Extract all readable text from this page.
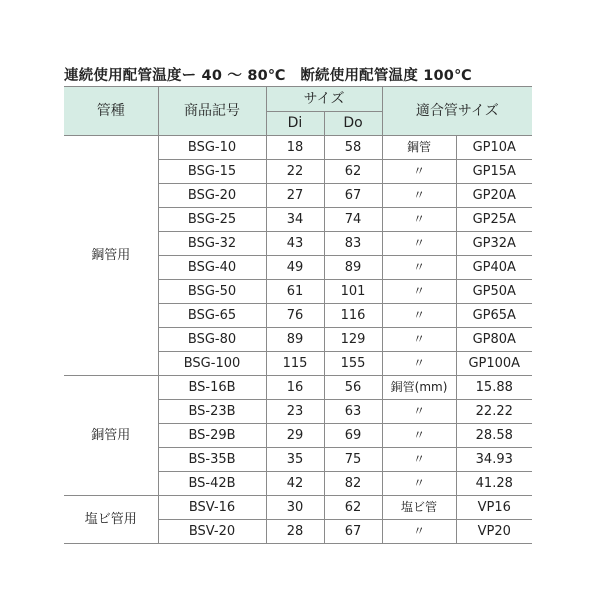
連続使用配管温度ー 40 ～ 80℃　断続使用配管温度 100℃
管種	商品記号	サイズ		適合管サイズ	
		Di	Do		
鋼管用	BSG-10	18	58	鋼管	GP10A
	BSG-15	22	62	〃	GP15A
	BSG-20	27	67	〃	GP20A
	BSG-25	34	74	〃	GP25A
	BSG-32	43	83	〃	GP32A
	BSG-40	49	89	〃	GP40A
	BSG-50	61	101	〃	GP50A
	BSG-65	76	116	〃	GP65A
	BSG-80	89	129	〃	GP80A
	BSG-100	115	155	〃	GP100A
銅管用	BS-16B	16	56	銅管(mm)	15.88
	BS-23B	23	63	〃	22.22
	BS-29B	29	69	〃	28.58
	BS-35B	35	75	〃	34.93
	BS-42B	42	82	〃	41.28
塩ビ管用	BSV-16	30	62	塩ビ管	VP16
	BSV-20	28	67	〃	VP20
